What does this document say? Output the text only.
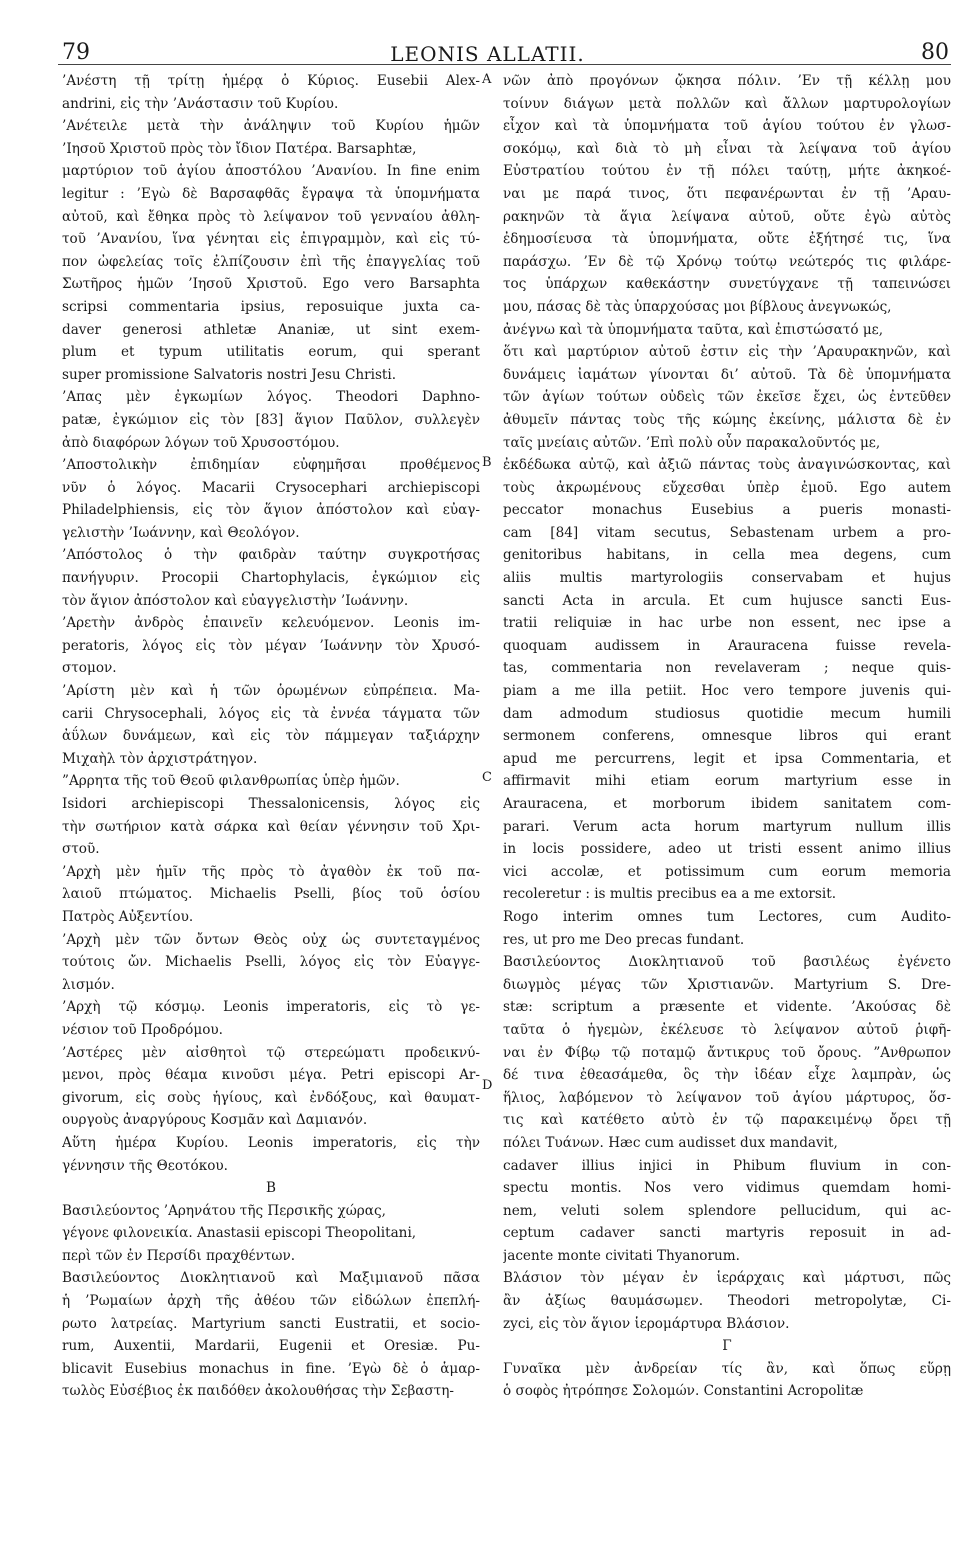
79	LEONIS ALLATII.	80
A
B
C
D
’Ανέστη τῇ τρίτῃ ἡμέρᾳ ὁ Κύριος. Eusebii Alex-
andrini, εἰς τὴν ’Ανάστασιν τοῦ Κυρίου.
’Ανέτειλε μετὰ τὴν ἀνάληψιν τοῦ Κυρίου ἡμῶν
’Ιησοῦ Χριστοῦ πρὸς τὸν ἴδιον Πατέρα. Barsaphtæ,
μαρτύριον τοῦ ἁγίου ἀποστόλου ’Ανανίου. In fine enim
legitur : ’Εγὼ δὲ Βαρσαφθᾶς ἔγραψα τὰ ὑπομνήματα
αὐτοῦ, καὶ ἔθηκα πρὸς τὸ λείψανον τοῦ γενναίου ἀθλη-
τοῦ ’Ανανίου, ἵνα γένηται εἰς ἐπιγραμμὸν, καὶ εἰς τύ-
πον ὠφελείας τοῖς ἐλπίζουσιν ἐπὶ τῆς ἐπαγγελίας τοῦ
Σωτῆρος ἡμῶν ’Ιησοῦ Χριστοῦ. Ego vero Barsaphta
scripsi commentaria ipsius, reposuique juxta ca-
daver generosi athletæ Ananiæ, ut sint exem-
plum et typum utilitatis eorum, qui sperant
super promissione Salvatoris nostri Jesu Christi.
’Απας μὲν ἐγκωμίων λόγος. Theodori Daphno-
patæ, ἐγκώμιον εἰς τὸν [83] ἅγιον Παῦλον, συλλεγὲν
ἀπὸ διαφόρων λόγων τοῦ Χρυσοστόμου.
’Αποστολικὴν ἐπιδημίαν εὐφημῆσαι προθέμενος
νῦν ὁ λόγος. Macarii Crysocephari archiepiscopi
Philadelphiensis, εἰς τὸν ἅγιον ἀπόστολον καὶ εὐαγ-
γελιστὴν ’Ιωάννην, καὶ Θεολόγον.
’Απόστολος ὁ τὴν φαιδρὰν ταύτην συγκροτήσας
πανήγυριν. Procopii Chartophylacis, ἐγκώμιον εἰς
τὸν ἅγιον ἀπόστολον καὶ εὐαγγελιστὴν ’Ιωάννην.
’Αρετὴν ἀνδρὸς ἐπαινεῖν κελευόμενον. Leonis im-
peratoris, λόγος εἰς τὸν μέγαν ’Ιωάννην τὸν Χρυσό-
στομον.
’Αρίστη μὲν καὶ ἡ τῶν ὁρωμένων εὐπρέπεια. Ma-
carii Chrysocephali, λόγος εἰς τὰ ἐννέα τάγματα τῶν
ἀΰλων δυνάμεων, καὶ εἰς τὸν πάμμεγαν ταξιάρχην
Μιχαὴλ τὸν ἀρχιστράτηγον.
”Αρρητα τῆς τοῦ Θεοῦ φιλανθρωπίας ὑπὲρ ἡμῶν.
Isidori archiepiscopi Thessalonicensis, λόγος εἰς
τὴν σωτήριον κατὰ σάρκα καὶ θείαν γέννησιν τοῦ Χρι-
στοῦ.
’Αρχὴ μὲν ἡμῖν τῆς πρὸς τὸ ἀγαθὸν ἐκ τοῦ πα-
λαιοῦ πτώματος. Michaelis Pselli, βίος τοῦ ὁσίου
Πατρὸς Αὐξεντίου.
’Αρχὴ μὲν τῶν ὄντων Θεὸς οὐχ ὡς συντεταγμένος
τούτοις ὤν. Michaelis Pselli, λόγος εἰς τὸν Εὐαγγε-
λισμόν.
’Αρχὴ τῷ κόσμῳ. Leonis imperatoris, εἰς τὸ γε-
νέσιον τοῦ Προδρόμου.
’Αστέρες μὲν αἰσθητοὶ τῷ στερεώματι προδεικνύ-
μενοι, πρὸς θέαμα κινοῦσι μέγα. Petri episcopi Ar-
givorum, εἰς σοὺς ἡγίους, καὶ ἐνδόξους, καὶ θαυματ-
ουργοὺς ἀναργύρους Κοσμᾶν καὶ Δαμιανόν.
Αὕτη ἡμέρα Κυρίου. Leonis imperatoris, εἰς τὴν
γέννησιν τῆς Θεοτόκου.
B
Βασιλεύοντος ’Αρηνάτου τῆς Περσικῆς χώρας,
γέγονε φιλονεικία. Anastasii episcopi Theopolitani,
περὶ τῶν ἐν Περσίδι πραχθέντων.
Βασιλεύοντος Διοκλητιανοῦ καὶ Μαξιμιανοῦ πᾶσα
ἡ ’Ρωμαίων ἀρχὴ τῆς ἀθέου τῶν εἰδώλων ἐπεπλή-
ρωτο λατρείας. Martyrium sancti Eustratii, et socio-
rum, Auxentii, Mardarii, Eugenii et Oresiæ. Pu-
blicavit Eusebius monachus in fine. ’Εγὼ δὲ ὁ ἁμαρ-
τωλὸς Εὐσέβιος ἐκ παιδόθεν ἀκολουθήσας τὴν Σεβαστη-
νῶν ἀπὸ προγόνων ᾤκησα πόλιν. ’Εν τῇ κέλλῃ μου
τοίνυν διάγων μετὰ πολλῶν καὶ ἄλλων μαρτυρολογίων
εἶχον καὶ τὰ ὑπομνήματα τοῦ ἁγίου τούτου ἐν γλωσ-
σοκόμῳ, καὶ διὰ τὸ μὴ εἶναι τὰ λείψανα τοῦ ἁγίου
Εὐστρατίου τούτου ἐν τῇ πόλει ταύτῃ, μήτε ἀκηκοέ-
ναι με παρά τινος, ὅτι πεφανέρωνται ἐν τῇ ’Αραυ-
ρακηνῶν τὰ ἅγια λείψανα αὐτοῦ, οὔτε ἐγὼ αὐτὸς
ἐδημοσίευσα τὰ ὑπομνήματα, οὔτε ἐξήτησέ τις, ἵνα
παράσχω. ’Εν δὲ τῷ Χρόνῳ τούτῳ νεώτερός τις φιλάρε-
τος ὑπάρχων καθεκάστην συνετύγχανε τῇ ταπεινώσει
μου, πάσας δὲ τὰς ὑπαρχούσας μοι βίβλους ἀνεγνωκώς,
ἀνέγνω καὶ τὰ ὑπομνήματα ταῦτα, καὶ ἐπιστώσατό με,
ὅτι καὶ μαρτύριον αὐτοῦ ἐστιν εἰς τὴν ’Αραυρακηνῶν, καὶ
δυνάμεις ἰαμάτων γίνονται δι’ αὐτοῦ. Τὰ δὲ ὑπομνήματα
τῶν ἁγίων τούτων οὐδεὶς τῶν ἐκεῖσε ἔχει, ὡς ἐντεῦθεν
ἀθυμεῖν πάντας τοὺς τῆς κώμης ἐκείνης, μάλιστα δὲ ἐν
ταῖς μνείαις αὐτῶν. ’Επὶ πολὺ οὖν παρακαλοῦντός με,
ἐκδέδωκα αὐτῷ, καὶ ἀξιῶ πάντας τοὺς ἀναγινώσκοντας, καὶ
τοὺς ἀκρωμένους εὔχεσθαι ὑπὲρ ἐμοῦ. Ego autem
peccator monachus Eusebius a pueris monasti-
cam [84] vitam secutus, Sebastenam urbem a pro-
genitoribus habitans, in cella mea degens, cum
aliis multis martyrologiis conservabam et hujus
sancti Acta in arcula. Et cum hujusce sancti Eus-
tratii reliquiæ in hac urbe non essent, nec ipse a
quoquam audissem in Arauracena fuisse revela-
tas, commentaria non revelaveram ; neque quis-
piam a me illa petiit. Hoc vero tempore juvenis qui-
dam admodum studiosus quotidie mecum humili
sermonem conferens, omnesque libros qui erant
apud me percurrens, legit et ipsa Commentaria, et
affirmavit mihi etiam eorum martyrium esse in
Arauracena, et morborum ibidem sanitatem com-
parari. Verum acta horum martyrum nullum illis
in locis possidere, adeo ut tristi essent animo illius
vici accolæ, et potissimum cum eorum memoria
recoleretur : is multis precibus ea a me extorsit.
Rogo interim omnes tum Lectores, cum Audito-
res, ut pro me Deo precas fundant.
Βασιλεύοντος Διοκλητιανοῦ τοῦ βασιλέως ἐγένετο
διωγμὸς μέγας τῶν Χριστιανῶν. Martyrium S. Dre-
stæ: scriptum a præsente et vidente. ’Ακούσας δὲ
ταῦτα ὁ ἡγεμὼν, ἐκέλευσε τὸ λείψανον αὐτοῦ ῥιφῆ-
ναι ἐν Φίβῳ τῷ ποταμῷ ἄντικρυς τοῦ ὄρους. ”Ανθρωπον
δέ τινα ἐθεασάμεθα, ὃς τὴν ἰδέαν εἶχε λαμπρὰν, ὡς
ἥλιος, λαβόμενον τὸ λείψανον τοῦ ἁγίου μάρτυρος, ὅσ-
τις καὶ κατέθετο αὐτὸ ἐν τῷ παρακειμένῳ ὄρει τῇ
πόλει Τυάνων. Hæc cum audisset dux mandavit,
cadaver illius injici in Phibum fluvium in con-
spectu montis. Nos vero vidimus quemdam homi-
nem, veluti solem splendore pellucidum, qui ac-
ceptum cadaver sancti martyris reposuit in ad-
jacente monte civitati Thyanorum.
Βλάσιον τὸν μέγαν ἐν ἱεράρχαις καὶ μάρτυσι, πῶς
ἂν ἀξίως θαυμάσωμεν. Theodori metropolytæ, Ci-
zyci, εἰς τὸν ἅγιον ἱερομάρτυρα Βλάσιον.
Γ
Γυναῖκα μὲν ἀνδρείαν τίς ἂν, καὶ ὅπως εὕρῃ
ὁ σοφὸς ἠτρόπησε Σολομών. Constantini Acropolitæ
